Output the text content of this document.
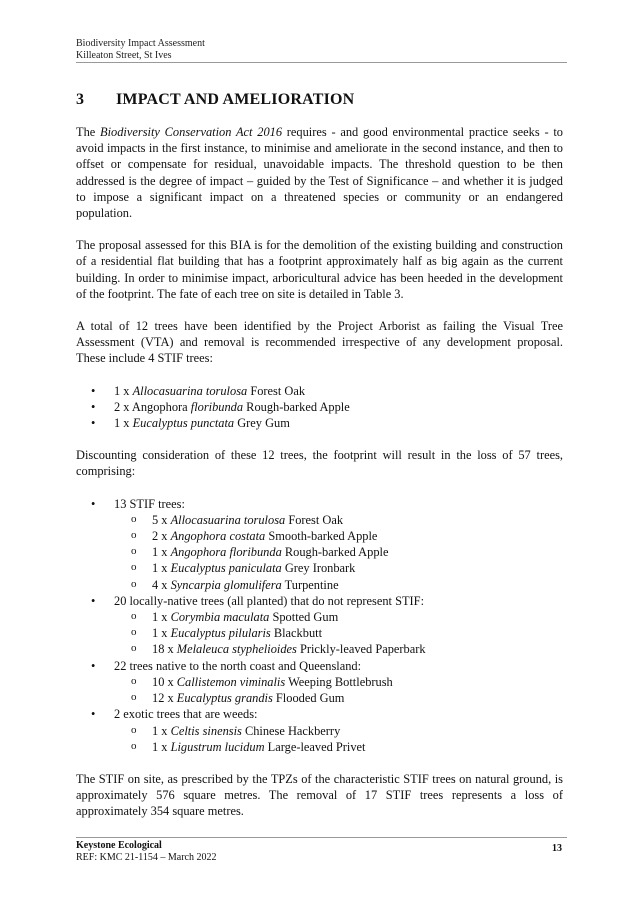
Biodiversity Impact Assessment
Killeaton Street, St Ives
3 IMPACT AND AMELIORATION

The Biodiversity Conservation Act 2016 requires - and good environmental practice seeks - to avoid impacts in the first instance, to minimise and ameliorate in the second instance, and then to offset or compensate for residual, unavoidable impacts. The threshold question to be then addressed is the degree of impact – guided by the Test of Significance – and whether it is judged to impose a significant impact on a threatened species or community or an endangered population.

The proposal assessed for this BIA is for the demolition of the existing building and construction of a residential flat building that has a footprint approximately half as big again as the current building. In order to minimise impact, arboricultural advice has been heeded in the development of the footprint. The fate of each tree on site is detailed in Table 3.

A total of 12 trees have been identified by the Project Arborist as failing the Visual Tree Assessment (VTA) and removal is recommended irrespective of any development proposal. These include 4 STIF trees:

• 1 x Allocasuarina torulosa Forest Oak
• 2 x Angophora floribunda Rough-barked Apple
• 1 x Eucalyptus punctata Grey Gum

Discounting consideration of these 12 trees, the footprint will result in the loss of 57 trees, comprising:

• 13 STIF trees:
o 5 x Allocasuarina torulosa Forest Oak
o 2 x Angophora costata Smooth-barked Apple
o 1 x Angophora floribunda Rough-barked Apple
o 1 x Eucalyptus paniculata Grey Ironbark
o 4 x Syncarpia glomulifera Turpentine
• 20 locally-native trees (all planted) that do not represent STIF:
o 1 x Corymbia maculata Spotted Gum
o 1 x Eucalyptus pilularis Blackbutt
o 18 x Melaleuca styphelioides Prickly-leaved Paperbark
• 22 trees native to the north coast and Queensland:
o 10 x Callistemon viminalis Weeping Bottlebrush
o 12 x Eucalyptus grandis Flooded Gum
• 2 exotic trees that are weeds:
o 1 x Celtis sinensis Chinese Hackberry
o 1 x Ligustrum lucidum Large-leaved Privet

The STIF on site, as prescribed by the TPZs of the characteristic STIF trees on natural ground, is approximately 576 square metres. The removal of 17 STIF trees represents a loss of approximately 354 square metres.

Keystone Ecological
REF: KMC 21-1154 – March 2022
13
